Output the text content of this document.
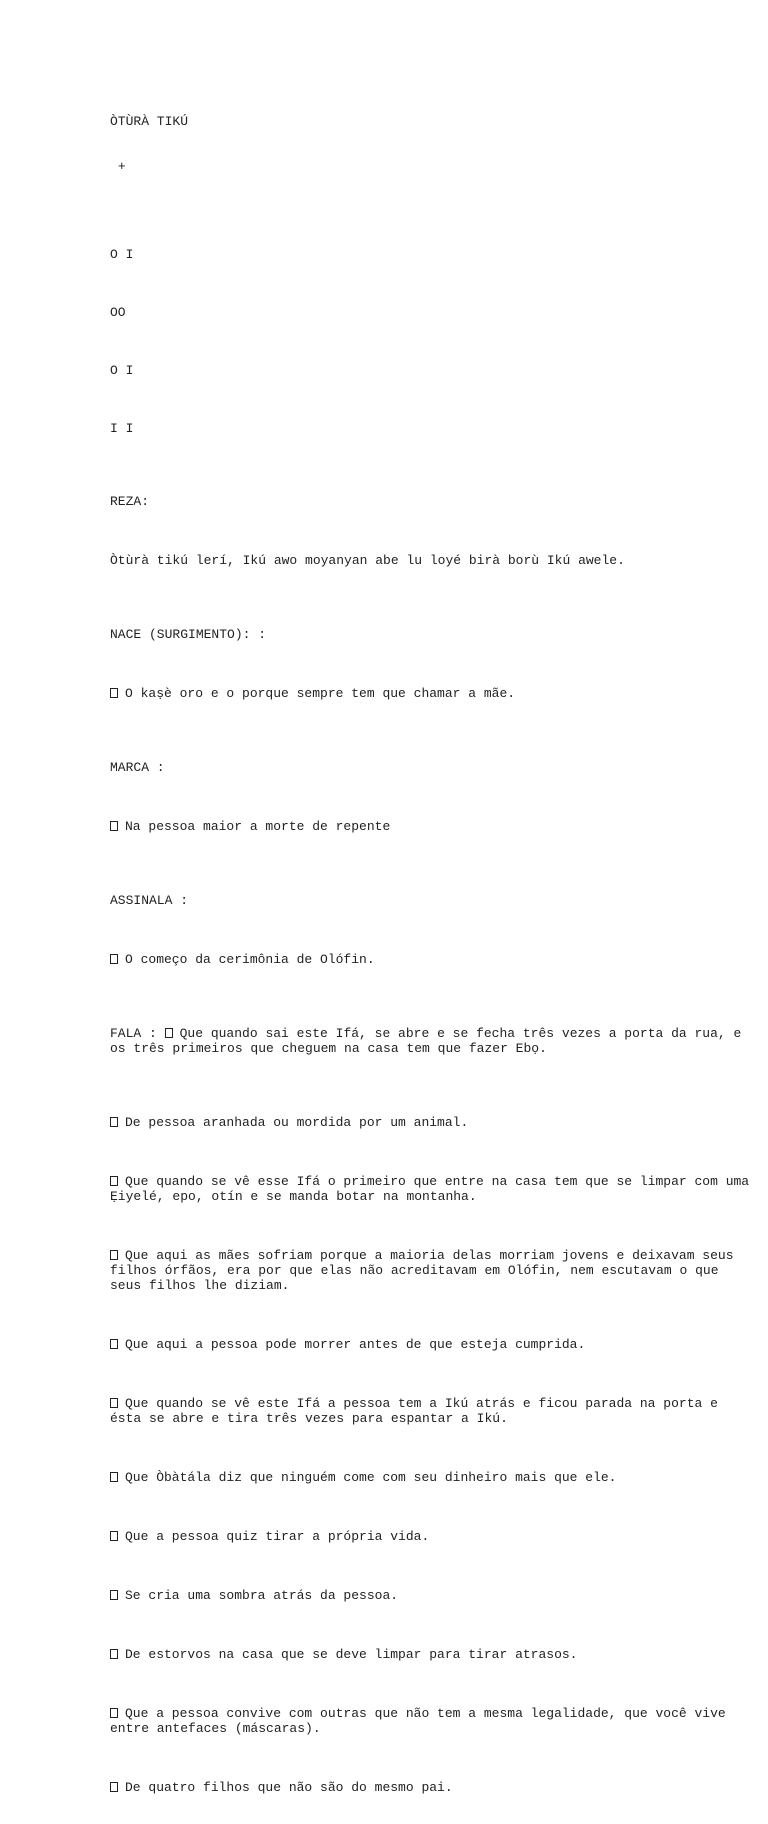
ÒTÙRÀ TIKÚ

+

O I

OO

O I

I I

REZA:

Òtùrà tikú lerí, Ikú awo moyanyan abe lu loyé birà borù Ikú awele.

NACE (SURGIMENTO): :

O kaṣè oro e o porque sempre tem que chamar a mãe.

MARCA :

Na pessoa maior a morte de repente

ASSINALA :

O começo da cerimônia de Olófin.

FALA : Que quando sai este Ifá, se abre e se fecha três vezes a porta da rua, e os três primeiros que cheguem na casa tem que fazer Ebọ.

De pessoa aranhada ou mordida por um animal.

Que quando se vê esse Ifá o primeiro que entre na casa tem que se limpar com uma Ẹiyelé, epo, otín e se manda botar na montanha.

Que aqui as mães sofriam porque a maioria delas morriam jovens e deixavam seus filhos órfãos, era por que elas não acreditavam em Olófin, nem escutavam o que seus filhos lhe diziam.

Que aqui a pessoa pode morrer antes de que esteja cumprida.

Que quando se vê este Ifá a pessoa tem a Ikú atrás e ficou parada na porta e ésta se abre e tira três vezes para espantar a Ikú.

Que Òbàtála diz que ninguém come com seu dinheiro mais que ele.

Que a pessoa quiz tirar a própria vida.

Se cria uma sombra atrás da pessoa.

De estorvos na casa que se deve limpar para tirar atrasos.

Que a pessoa convive com outras que não tem a mesma legalidade, que você vive entre antefaces (máscaras).

De quatro filhos que não são do mesmo pai.
